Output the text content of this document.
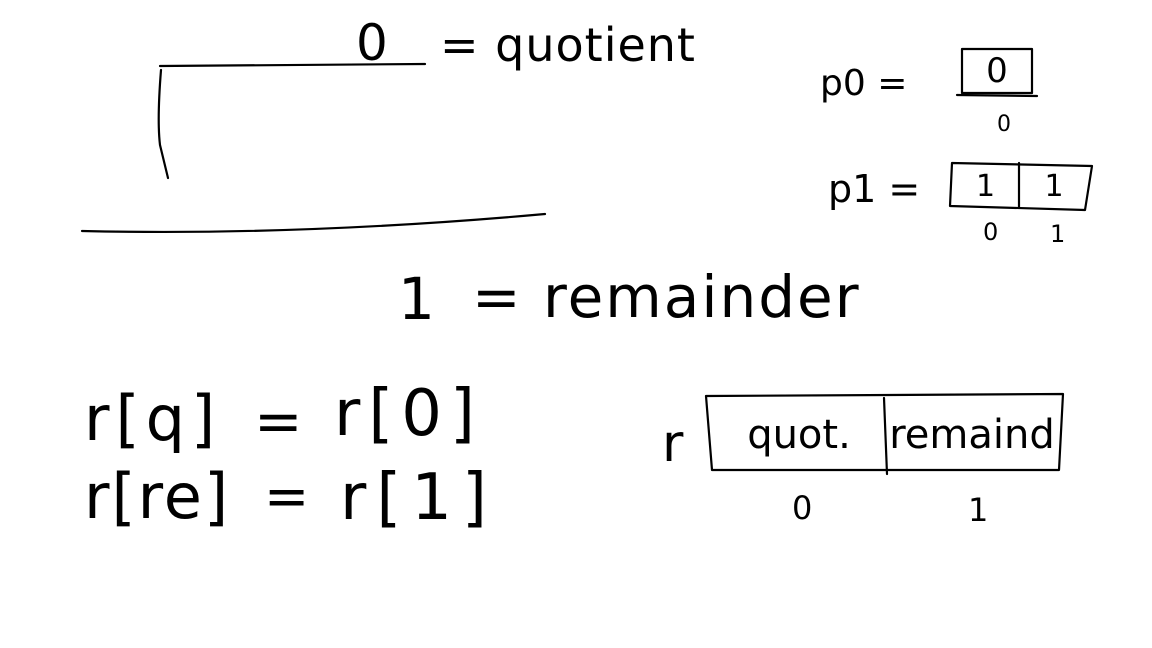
0 = quotient
1 = remainder
p0 =	0
0
p1 =	1	1
0 1
r[q] = r[0]
r[re] = r[1]
r	quot. remaind
0	1
